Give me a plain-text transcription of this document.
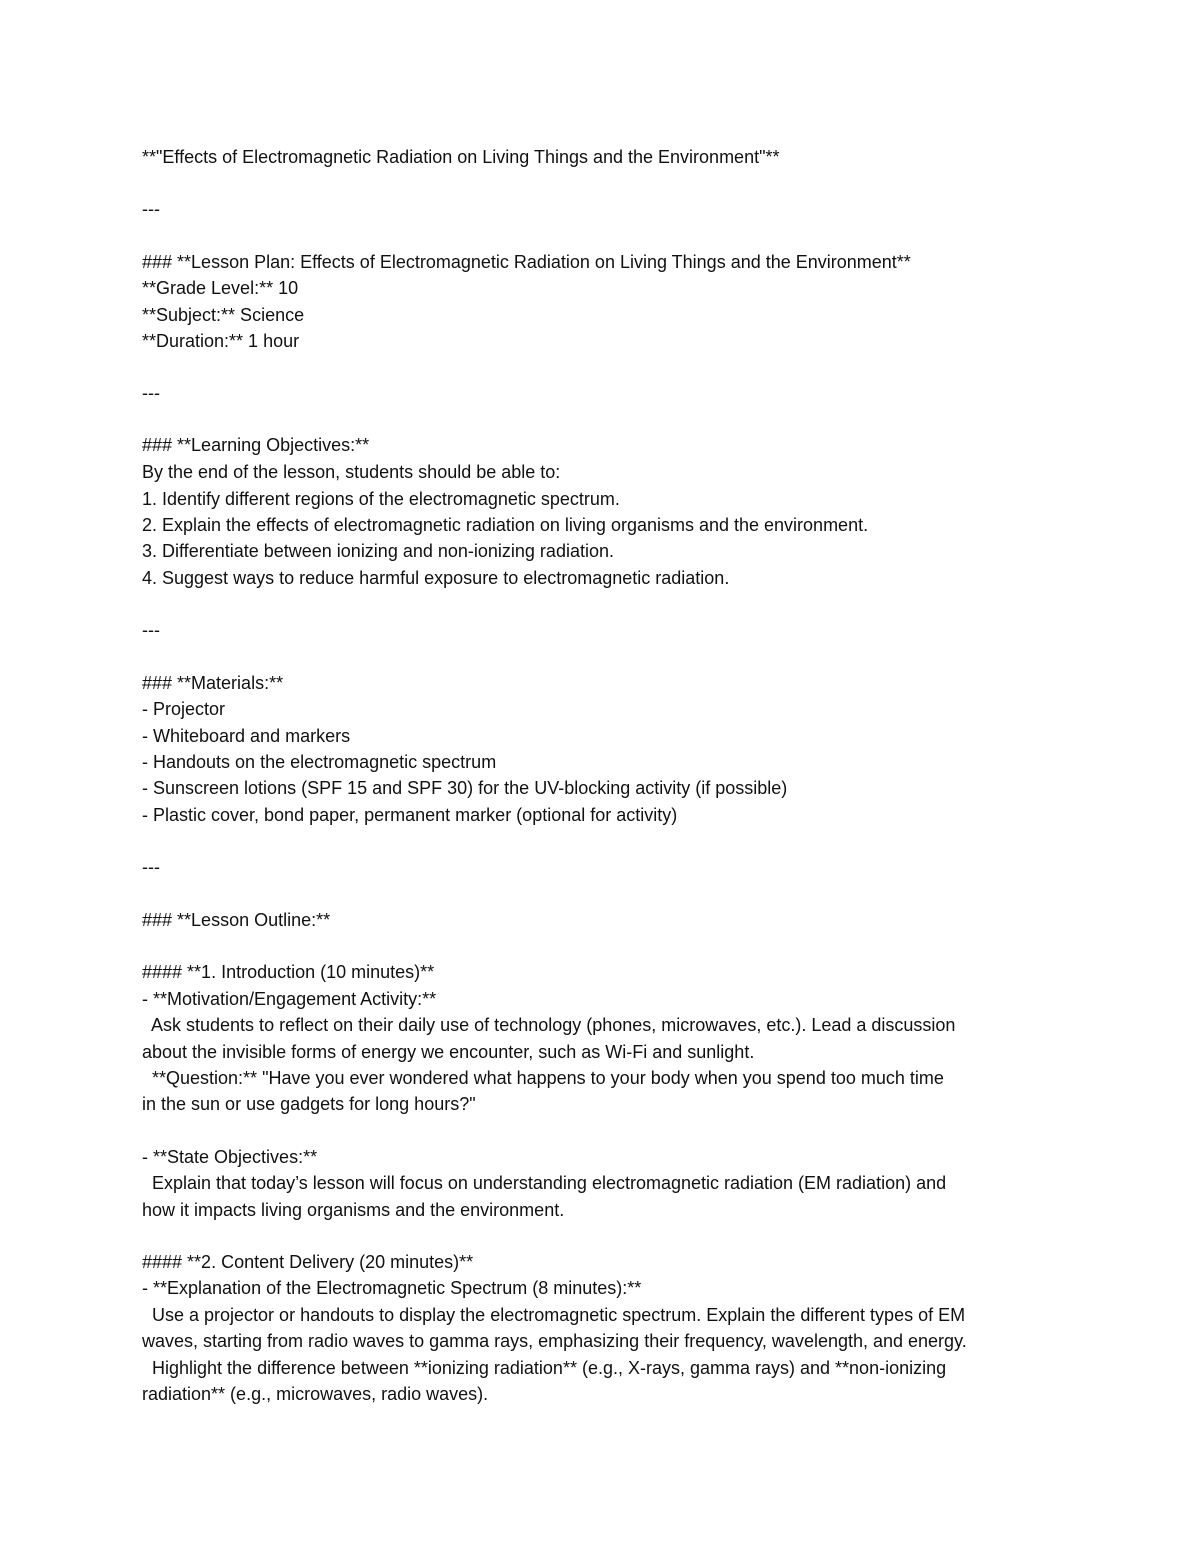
**"Effects of Electromagnetic Radiation on Living Things and the Environment"**
---
### **Lesson Plan: Effects of Electromagnetic Radiation on Living Things and the Environment**
**Grade Level:** 10
**Subject:** Science
**Duration:** 1 hour
---
### **Learning Objectives:**
By the end of the lesson, students should be able to:
1. Identify different regions of the electromagnetic spectrum.
2. Explain the effects of electromagnetic radiation on living organisms and the environment.
3. Differentiate between ionizing and non-ionizing radiation.
4. Suggest ways to reduce harmful exposure to electromagnetic radiation.
---
### **Materials:**
- Projector
- Whiteboard and markers
- Handouts on the electromagnetic spectrum
- Sunscreen lotions (SPF 15 and SPF 30) for the UV-blocking activity (if possible)
- Plastic cover, bond paper, permanent marker (optional for activity)
---
### **Lesson Outline:**
#### **1. Introduction (10 minutes)**
- **Motivation/Engagement Activity:**
Ask students to reflect on their daily use of technology (phones, microwaves, etc.). Lead a discussion
about the invisible forms of energy we encounter, such as Wi-Fi and sunlight.
**Question:** "Have you ever wondered what happens to your body when you spend too much time
in the sun or use gadgets for long hours?"
- **State Objectives:**
Explain that today’s lesson will focus on understanding electromagnetic radiation (EM radiation) and
how it impacts living organisms and the environment.
#### **2. Content Delivery (20 minutes)**
- **Explanation of the Electromagnetic Spectrum (8 minutes):**
Use a projector or handouts to display the electromagnetic spectrum. Explain the different types of EM
waves, starting from radio waves to gamma rays, emphasizing their frequency, wavelength, and energy.
Highlight the difference between **ionizing radiation** (e.g., X-rays, gamma rays) and **non-ionizing
radiation** (e.g., microwaves, radio waves).
